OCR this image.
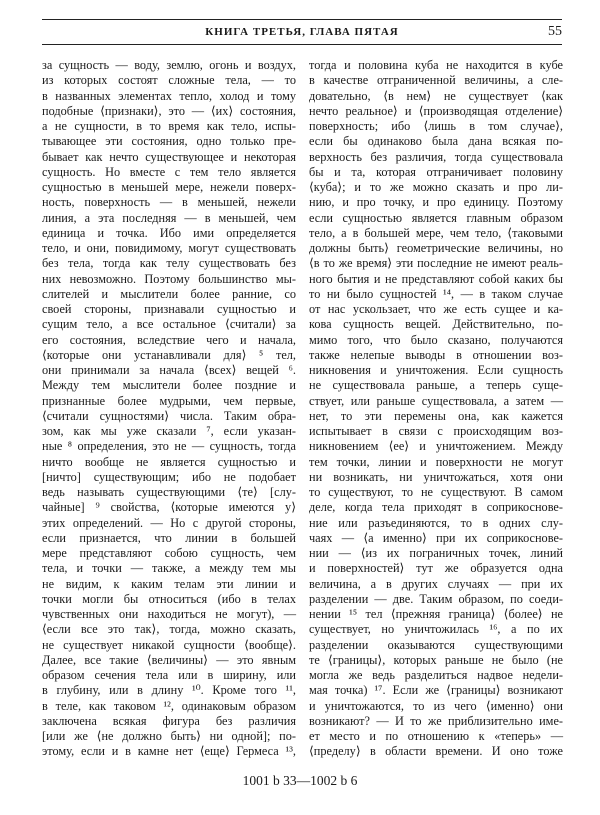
КНИГА ТРЕТЬЯ, ГЛАВА ПЯТАЯ	55
за сущность — воду, землю, огонь и воздух,
из которых состоят сложные тела, — то
в названных элементах тепло, холод и тому
подобные ⟨признаки⟩, это — ⟨их⟩ состояния,
а не сущности, в то время как тело, испы-
тывающее эти состояния, одно только пре-
бывает как нечто существующее и некоторая
сущность. Но вместе с тем тело является
сущностью в меньшей мере, нежели поверх-
ность, поверхность — в меньшей, нежели
линия, а эта последняя — в меньшей, чем
единица и точка. Ибо ими определяется
тело, и они, повидимому, могут существовать
без тела, тогда как телу существовать без
них невозможно. Поэтому большинство мы-
слителей и мыслители более ранние, со
своей стороны, признавали сущностью и
сущим тело, а все остальное ⟨считали⟩ за
его состояния, вследствие чего и начала,
⟨которые они устанавливали для⟩ ⁵ тел,
они принимали за начала ⟨всех⟩ вещей ⁶.
Между тем мыслители более поздние и
признанные более мудрыми, чем первые,
⟨считали сущностями⟩ числа. Таким обра-
зом, как мы уже сказали ⁷, если указан-
ные ⁸ определения, это не — сущность, тогда
ничто вообще не является сущностью и
[ничто] существующим; ибо не подобает
ведь называть существующими ⟨те⟩ [слу-
чайные] ⁹ свойства, ⟨которые имеются у⟩
этих определений. — Но с другой стороны,
если признается, что линии в большей
мере представляют собою сущность, чем
тела, и точки — также, а между тем мы
не видим, к каким телам эти линии и
точки могли бы относиться (ибо в телах
чувственных они находиться не могут), —
⟨если все это так⟩, тогда, можно сказать,
не существует никакой сущности ⟨вообще⟩.
Далее, все такие ⟨величины⟩ — это явным
образом сечения тела или в ширину, или
в глубину, или в длину ¹⁰. Кроме того ¹¹,
в теле, как таковом ¹², одинаковым образом
заключена всякая фигура без различия
[или же ⟨не должно быть⟩ ни одной]; по-
этому, если и в камне нет ⟨еще⟩ Гермеса ¹³,
тогда и половина куба не находится в кубе
в качестве отграниченной величины, а сле-
довательно, ⟨в нем⟩ не существует ⟨как
нечто реальное⟩ и ⟨производящая отделение⟩
поверхность; ибо ⟨лишь в том случае⟩,
если бы одинаково была дана всякая по-
верхность без различия, тогда существовала
бы и та, которая отграничивает половину
⟨куба⟩; и то же можно сказать и про ли-
нию, и про точку, и про единицу. Поэтому
если сущностью является главным образом
тело, а в большей мере, чем тело, ⟨таковыми
должны быть⟩ геометрические величины, но
⟨в то же время⟩ эти последние не имеют реаль-
ного бытия и не представляют собой каких бы
то ни было сущностей ¹⁴, — в таком случае
от нас ускользает, что же есть сущее и ка-
кова сущность вещей. Действительно, по-
мимо того, что было сказано, получаются
также нелепые выводы в отношении воз-
никновения и уничтожения. Если сущность
не существовала раньше, а теперь суще-
ствует, или раньше существовала, а затем —
нет, то эти перемены она, как кажется
испытывает в связи с происходящим воз-
никновением ⟨ее⟩ и уничтожением. Между
тем точки, линии и поверхности не могут
ни возникать, ни уничтожаться, хотя они
то существуют, то не существуют. В самом
деле, когда тела приходят в соприкоснове-
ние или разъединяются, то в одних слу-
чаях — ⟨а именно⟩ при их соприкоснове-
нии — ⟨из их пограничных точек, линий
и поверхностей⟩ тут же образуется одна
величина, а в других случаях — при их
разделении — две. Таким образом, по соеди-
нении ¹⁵ тел ⟨прежняя граница⟩ ⟨более⟩ не
существует, но уничтожилась ¹⁶, а по их
разделении оказываются существующими
те ⟨границы⟩, которых раньше не было (не
могла же ведь разделиться надвое недели-
мая точка) ¹⁷. Если же ⟨границы⟩ возникают
и уничтожаются, то из чего ⟨именно⟩ они
возникают? — И то же приблизительно име-
ет место и по отношению к «теперь» —
⟨пределу⟩ в области времени. И оно тоже
1001 b 33—1002 b 6
